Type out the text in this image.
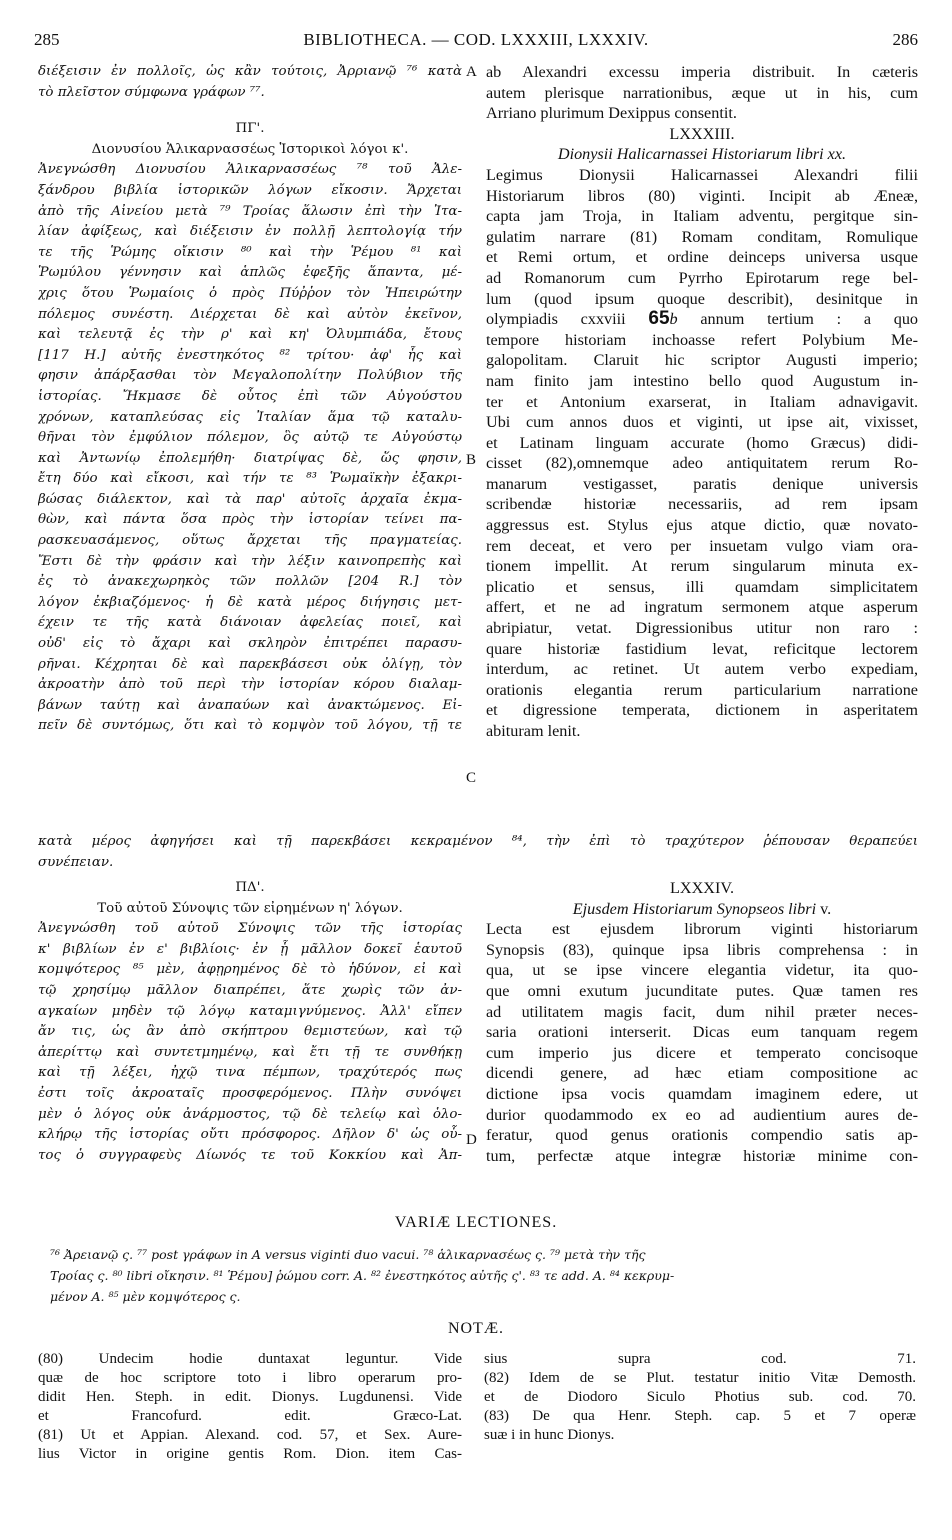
285	BIBLIOTHECA. — COD. LXXXIII, LXXXIV.	286
διέξεισιν ἐν πολλοῖς, ὡς κἂν τούτοις, Ἀρριανῷ ⁷⁶ κατὰ
τὸ πλεῖστον σύμφωνα γράφων ⁷⁷.
ΠΓ'.
Διονυσίου Ἁλικαρνασσέως Ἱστορικοὶ λόγοι κ'.
Ἀνεγνώσθη Διονυσίου Ἁλικαρνασσέως ⁷⁸ τοῦ Ἀλε-
ξάνδρου βιβλία ἱστορικῶν λόγων εἴκοσιν. Ἄρχεται
ἀπὸ τῆς Αἰνείου μετὰ ⁷⁹ Τροίας ἅλωσιν ἐπὶ τὴν Ἰτα-
λίαν ἀφίξεως, καὶ διέξεισιν ἐν πολλῇ λεπτολογίᾳ τήν
τε τῆς Ῥώμης οἴκισιν ⁸⁰ καὶ τὴν Ῥέμου ⁸¹ καὶ
Ῥωμύλου γέννησιν καὶ ἁπλῶς ἐφεξῆς ἅπαντα, μέ-
χρις ὅτου Ῥωμαίοις ὁ πρὸς Πύῤῥον τὸν Ἠπειρώτην
πόλεμος συνέστη. Διέρχεται δὲ καὶ αὐτὸν ἐκεῖνον,
καὶ τελευτᾷ ἐς τὴν ρ' καὶ κη' Ὀλυμπιάδα, ἔτους
[117 H.] αὐτῆς ἐνεστηκότος ⁸² τρίτου· ἀφ' ἧς καὶ
φησιν ἀπάρξασθαι τὸν Μεγαλοπολίτην Πολύβιον τῆς
ἱστορίας. Ἤκμασε δὲ οὗτος ἐπὶ τῶν Αὐγούστου
χρόνων, καταπλεύσας εἰς Ἰταλίαν ἅμα τῷ καταλυ-
θῆναι τὸν ἐμφύλιον πόλεμον, ὃς αὐτῷ τε Αὐγούστῳ
καὶ Ἀντωνίῳ ἐπολεμήθη· διατρίψας δὲ, ὥς φησιν,
ἔτη δύο καὶ εἴκοσι, καὶ τήν τε ⁸³ Ῥωμαϊκὴν ἐξακρι-
βώσας διάλεκτον, καὶ τὰ παρ' αὐτοῖς ἀρχαῖα ἐκμα-
θὼν, καὶ πάντα ὅσα πρὸς τὴν ἱστορίαν τείνει πα-
ρασκευασάμενος, οὕτως ἄρχεται τῆς πραγματείας.
Ἔστι δὲ τὴν φράσιν καὶ τὴν λέξιν καινοπρεπὴς καὶ
ἐς τὸ ἀνακεχωρηκὸς τῶν πολλῶν [204 R.] τὸν
λόγον ἐκβιαζόμενος· ἡ δὲ κατὰ μέρος διήγησις μετ-
έχειν τε τῆς κατὰ διάνοιαν ἀφελείας ποιεῖ, καὶ
οὐδ' εἰς τὸ ἄχαρι καὶ σκληρὸν ἐπιτρέπει παρασυ-
ρῆναι. Κέχρηται δὲ καὶ παρεκβάσεσι οὐκ ὀλίγῃ, τὸν
ἀκροατὴν ἀπὸ τοῦ περὶ τὴν ἱστορίαν κόρου διαλαμ-
βάνων ταύτῃ καὶ ἀναπαύων καὶ ἀνακτώμενος. Εἰ-
πεῖν δὲ συντόμως, ὅτι καὶ τὸ κομψὸν τοῦ λόγου, τῇ τε
ab Alexandri excessu imperia distribuit. In cæteris
autem plerisque narrationibus, æque ut in his, cum
Arriano plurimum Dexippus consentit.
LXXXIII.
Dionysii Halicarnassei Historiarum libri xx.
Legimus Dionysii Halicarnassei Alexandri filii
Historiarum libros (80) viginti. Incipit ab Æneæ,
capta jam Troja, in Italiam adventu, pergitque sin-
gulatim narrare (81) Romam conditam, Romulique
et Remi ortum, et ordine deinceps universa usque
ad Romanorum cum Pyrrho Epirotarum rege bel-
lum (quod ipsum quoque describit), desinitque in
olympiadis cxxviii 65b annum tertium : a quo
tempore historiam inchoasse refert Polybium Me-
galopolitam. Claruit hic scriptor Augusti imperio;
nam finito jam intestino bello quod Augustum in-
ter et Antonium exarserat, in Italiam adnavigavit.
Ubi cum annos duos et viginti, ut ipse ait, vixisset,
et Latinam linguam accurate (homo Græcus) didi-
cisset (82),omnemque adeo antiquitatem rerum Ro-
manarum vestigasset, paratis denique universis
scribendæ historiæ necessariis, ad rem ipsam
aggressus est. Stylus ejus atque dictio, quæ novato-
rem deceat, et vero per insuetam vulgo viam ora-
tionem impellit. At rerum singularum minuta ex-
plicatio et sensus, illi quamdam simplicitatem
affert, et ne ad ingratum sermonem atque asperum
abripiatur, vetat. Digressionibus utitur non raro :
quare historiæ fastidium levat, reficitque lectorem
interdum, ac retinet. Ut autem verbo expediam,
orationis elegantia rerum particularium narratione
et digressione temperata, dictionem in asperitatem
abituram lenit.
A
B
C
D
κατὰ μέρος ἀφηγήσει καὶ τῇ παρεκβάσει κεκραμένον ⁸⁴, τὴν ἐπὶ τὸ τραχύτερον ῥέπουσαν θεραπεύει
συνέπειαν.
ΠΔ'.
Τοῦ αὐτοῦ Σύνοψις τῶν εἰρημένων η' λόγων.
Ἀνεγνώσθη τοῦ αὐτοῦ Σύνοψις τῶν τῆς ἱστορίας
κ' βιβλίων ἐν ε' βιβλίοις· ἐν ᾗ μᾶλλον δοκεῖ ἑαυτοῦ
κομψότερος ⁸⁵ μὲν, ἀφῃρημένος δὲ τὸ ἡδύνον, εἰ καὶ
τῷ χρησίμῳ μᾶλλον διαπρέπει, ἅτε χωρὶς τῶν ἀν-
αγκαίων μηδὲν τῷ λόγῳ καταμιγνύμενος. Ἀλλ' εἴπεν
ἄν τις, ὡς ἂν ἀπὸ σκήπτρου θεμιστεύων, καὶ τῷ
ἀπερίττῳ καὶ συντετμημένῳ, καὶ ἔτι τῇ τε συνθήκῃ
καὶ τῇ λέξει, ἠχῷ τινα πέμπων, τραχύτερός πως
ἐστι τοῖς ἀκροαταῖς προσφερόμενος. Πλὴν συνόψει
μὲν ὁ λόγος οὐκ ἀνάρμοστος, τῷ δὲ τελείῳ καὶ ὁλο-
κλήρῳ τῆς ἱστορίας οὔτι πρόσφορος. Δῆλον δ' ὡς οὗ-
τος ὁ συγγραφεὺς Δίωνός τε τοῦ Κοκκίου καὶ Ἀπ-
LXXXIV.
Ejusdem Historiarum Synopseos libri v.
Lecta est ejusdem librorum viginti historiarum
Synopsis (83), quinque ipsa libris comprehensa : in
qua, ut se ipse vincere elegantia videtur, ita quo-
que omni exutum jucunditate putes. Quæ tamen res
ad utilitatem magis facit, dum nihil præter neces-
saria orationi interserit. Dicas eum tanquam regem
cum imperio jus dicere et temperato concisoque
dicendi genere, ad hæc etiam compositione ac
dictione ipsa vocis quamdam imaginem edere, ut
durior quodammodo ex eo ad audientium aures de-
feratur, quod genus orationis compendio satis ap-
tum, perfectæ atque integræ historiæ minime con-
VARIÆ LECTIONES.
⁷⁶ Ἀρειανῷ ς. ⁷⁷ post γράφων in A versus viginti duo vacui. ⁷⁸ ἁλικαρνασέως ς. ⁷⁹ μετὰ τὴν τῆς
Τροίας ς. ⁸⁰ libri οἴκησιν. ⁸¹ Ῥέμου] ῥώμου corr. A. ⁸² ἐνεστηκότος αὐτῆς ς'. ⁸³ τε add. A. ⁸⁴ κεκρυμ-
μένον A. ⁸⁵ μὲν κομψότερος ς.
NOTÆ.
(80) Undecim hodie duntaxat leguntur. Vide
quæ de hoc scriptore toto i libro operarum pro-
didit Hen. Steph. in edit. Dionys. Lugdunensi. Vide
et Francofurd. edit. Græco-Lat.
(81) Ut et Appian. Alexand. cod. 57, et Sex. Aure-
lius Victor in origine gentis Rom. Dion. item Cas-
sius supra cod. 71.
(82) Idem de se Plut. testatur initio Vitæ Demosth.
et de Diodoro Siculo Photius sub. cod. 70.
(83) De qua Henr. Steph. cap. 5 et 7 operæ
suæ i in hunc Dionys.
